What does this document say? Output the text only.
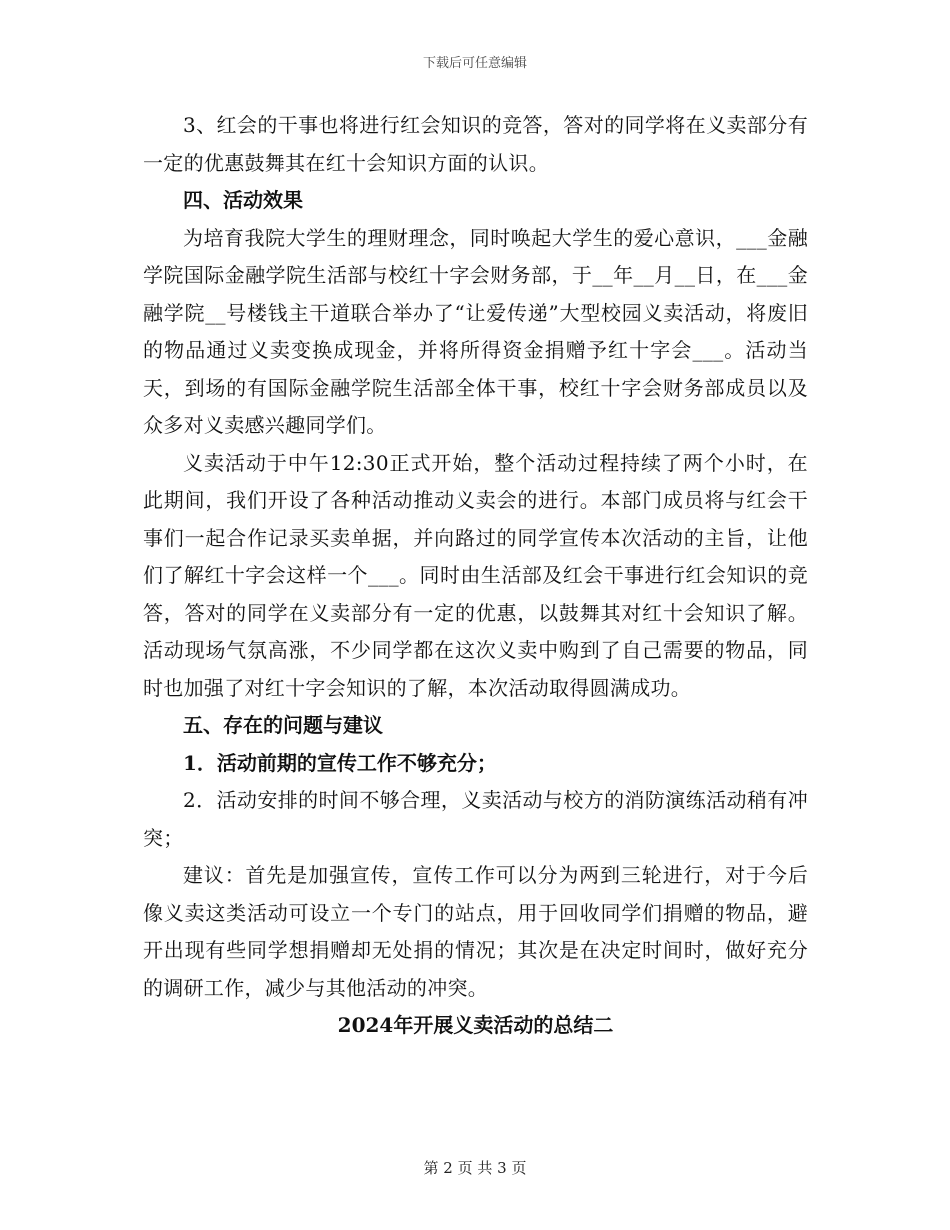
下载后可任意编辑

3、红会的干事也将进行红会知识的竞答，答对的同学将在义卖部分有一定的优惠鼓舞其在红十会知识方面的认识。

四、活动效果

为培育我院大学生的理财理念，同时唤起大学生的爱心意识，___金融学院国际金融学院生活部与校红十字会财务部，于__年__月__日，在___金融学院__号楼钱主干道联合举办了“让爱传递”大型校园义卖活动，将废旧的物品通过义卖变换成现金，并将所得资金捐赠予红十字会___。活动当天，到场的有国际金融学院生活部全体干事，校红十字会财务部成员以及众多对义卖感兴趣同学们。

义卖活动于中午12:30正式开始，整个活动过程持续了两个小时，在此期间，我们开设了各种活动推动义卖会的进行。本部门成员将与红会干事们一起合作记录买卖单据，并向路过的同学宣传本次活动的主旨，让他们了解红十字会这样一个___。同时由生活部及红会干事进行红会知识的竞答，答对的同学在义卖部分有一定的优惠，以鼓舞其对红十会知识了解。活动现场气氛高涨，不少同学都在这次义卖中购到了自己需要的物品，同时也加强了对红十字会知识的了解，本次活动取得圆满成功。

五、存在的问题与建议

1．活动前期的宣传工作不够充分；

2．活动安排的时间不够合理，义卖活动与校方的消防演练活动稍有冲突；

建议：首先是加强宣传，宣传工作可以分为两到三轮进行，对于今后像义卖这类活动可设立一个专门的站点，用于回收同学们捐赠的物品，避开出现有些同学想捐赠却无处捐的情况；其次是在决定时间时，做好充分的调研工作，减少与其他活动的冲突。

2024年开展义卖活动的总结二

第 2 页 共 3 页
